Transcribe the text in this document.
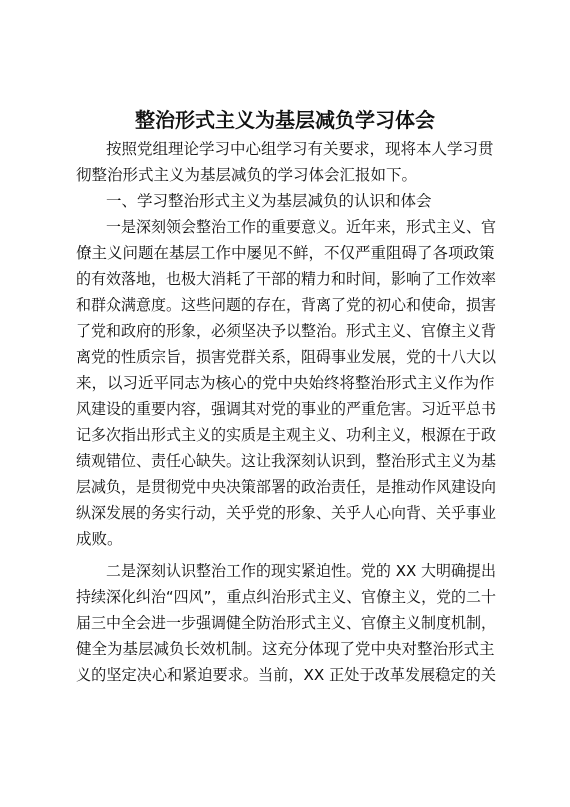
整治形式主义为基层减负学习体会
按照党组理论学习中心组学习有关要求，现将本人学习贯
彻整治形式主义为基层减负的学习体会汇报如下。
一、学习整治形式主义为基层减负的认识和体会
一是深刻领会整治工作的重要意义。近年来，形式主义、官
僚主义问题在基层工作中屡见不鲜，不仅严重阻碍了各项政策
的有效落地，也极大消耗了干部的精力和时间，影响了工作效率
和群众满意度。这些问题的存在，背离了党的初心和使命，损害
了党和政府的形象，必须坚决予以整治。形式主义、官僚主义背
离党的性质宗旨，损害党群关系，阻碍事业发展，党的十八大以
来，以习近平同志为核心的党中央始终将整治形式主义作为作
风建设的重要内容，强调其对党的事业的严重危害。习近平总书
记多次指出形式主义的实质是主观主义、功利主义，根源在于政
绩观错位、责任心缺失。这让我深刻认识到，整治形式主义为基
层减负，是贯彻党中央决策部署的政治责任，是推动作风建设向
纵深发展的务实行动，关乎党的形象、关乎人心向背、关乎事业
成败。
二是深刻认识整治工作的现实紧迫性。党的 XX 大明确提出
持续深化纠治“四风”，重点纠治形式主义、官僚主义，党的二十
届三中全会进一步强调健全防治形式主义、官僚主义制度机制，
健全为基层减负长效机制。这充分体现了党中央对整治形式主
义的坚定决心和紧迫要求。当前，XX 正处于改革发展稳定的关
